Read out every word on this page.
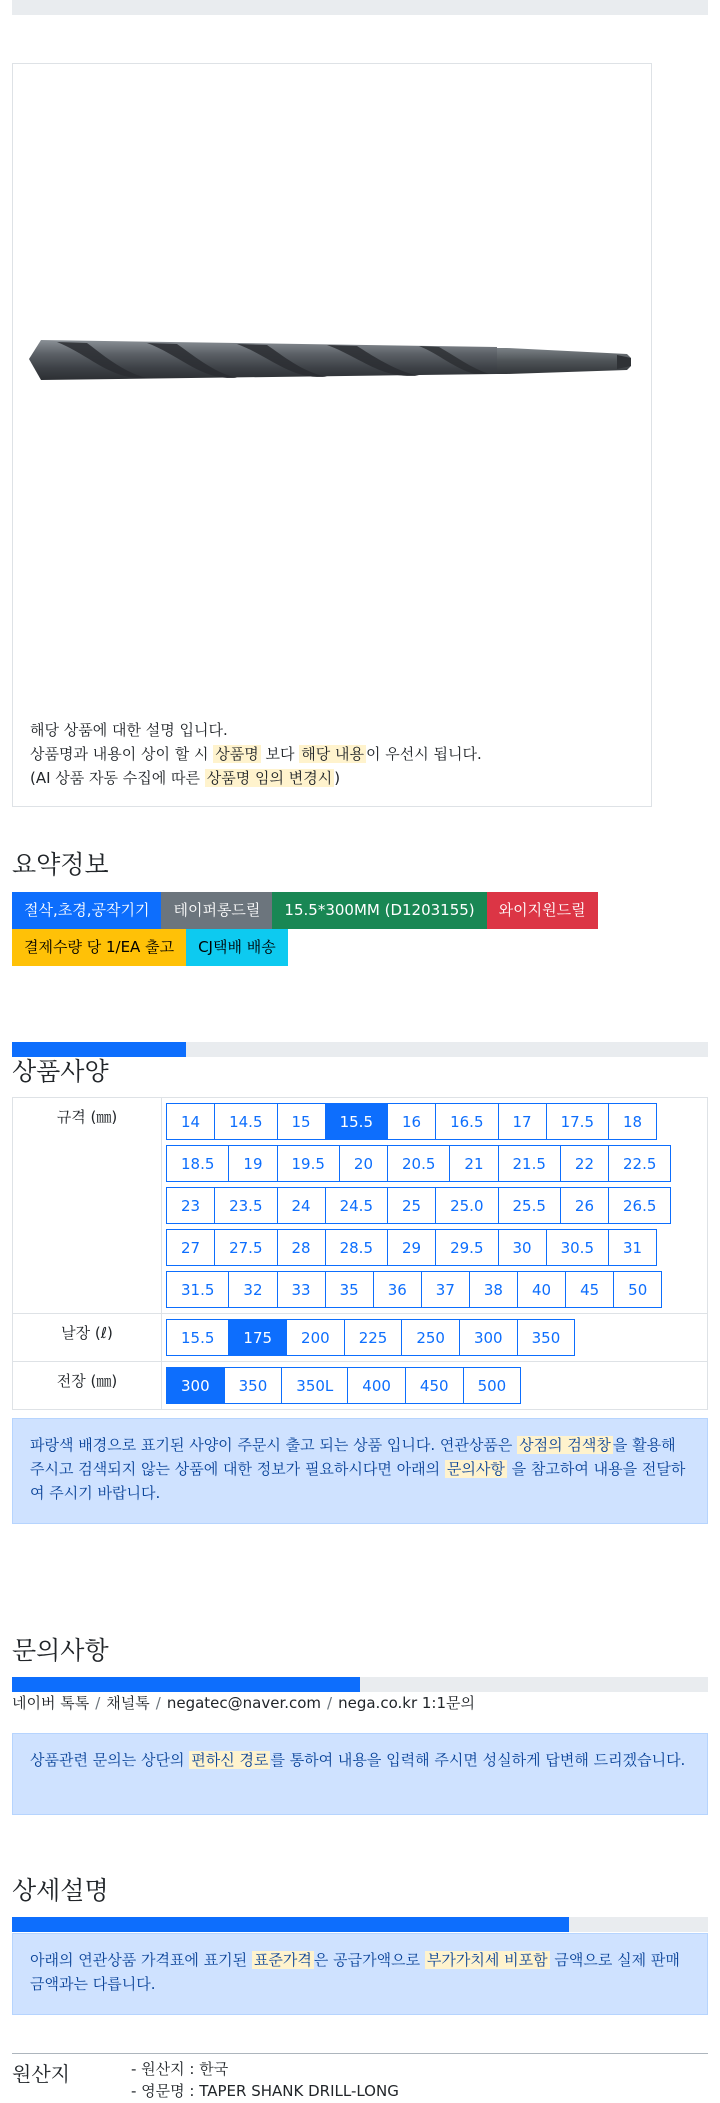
해당 상품에 대한 설명 입니다.
상품명과 내용이 상이 할 시 상품명 보다 해당 내용 이 우선시 됩니다.
(AI 상품 자동 수집에 따른 상품명 임의 변경시 )
요약정보
절삭,초경,공작기기	테이퍼롱드릴	15.5*300MM (D1203155)	와이지원드릴
결제수량 당 1/EA 출고	CJ택배 배송
상품사양
규격 (㎜)	14	14.5	15	15.5	16	16.5	17	17.5	18
18.5	19	19.5	20	20.5	21	21.5	22	22.5
23	23.5	24	24.5	25	25.0	25.5	26	26.5
27	27.5	28	28.5	29	29.5	30	30.5	31
31.5	32	33	35	36	37	38	40	45	50
날장 (ℓ)	15.5	175	200	225	250	300	350
전장 (㎜)	300	350	350L	400	450	500
파랑색 배경으로 표기된 사양이 주문시 출고 되는 상품 입니다. 연관상품은 상점의 검색창 을 활용해 주시고 검색되지 않는 상품에 대한 정보가 필요하시다면 아래의 문의사항 을 참고하여 내용을 전달하여 주시기 바랍니다.
문의사항
네이버 톡톡 / 채널톡 / negatec@naver.com / nega.co.kr 1:1문의
상품관련 문의는 상단의 편하신 경로 를 통하여 내용을 입력해 주시면 성실하게 답변해 드리겠습니다.
상세설명
아래의 연관상품 가격표에 표기된 표준가격 은 공급가액으로 부가가치세 비포함 금액으로 실제 판매금액과는 다릅니다.
원산지	- 원산지 : 한국
- 영문명 : TAPER SHANK DRILL-LONG
